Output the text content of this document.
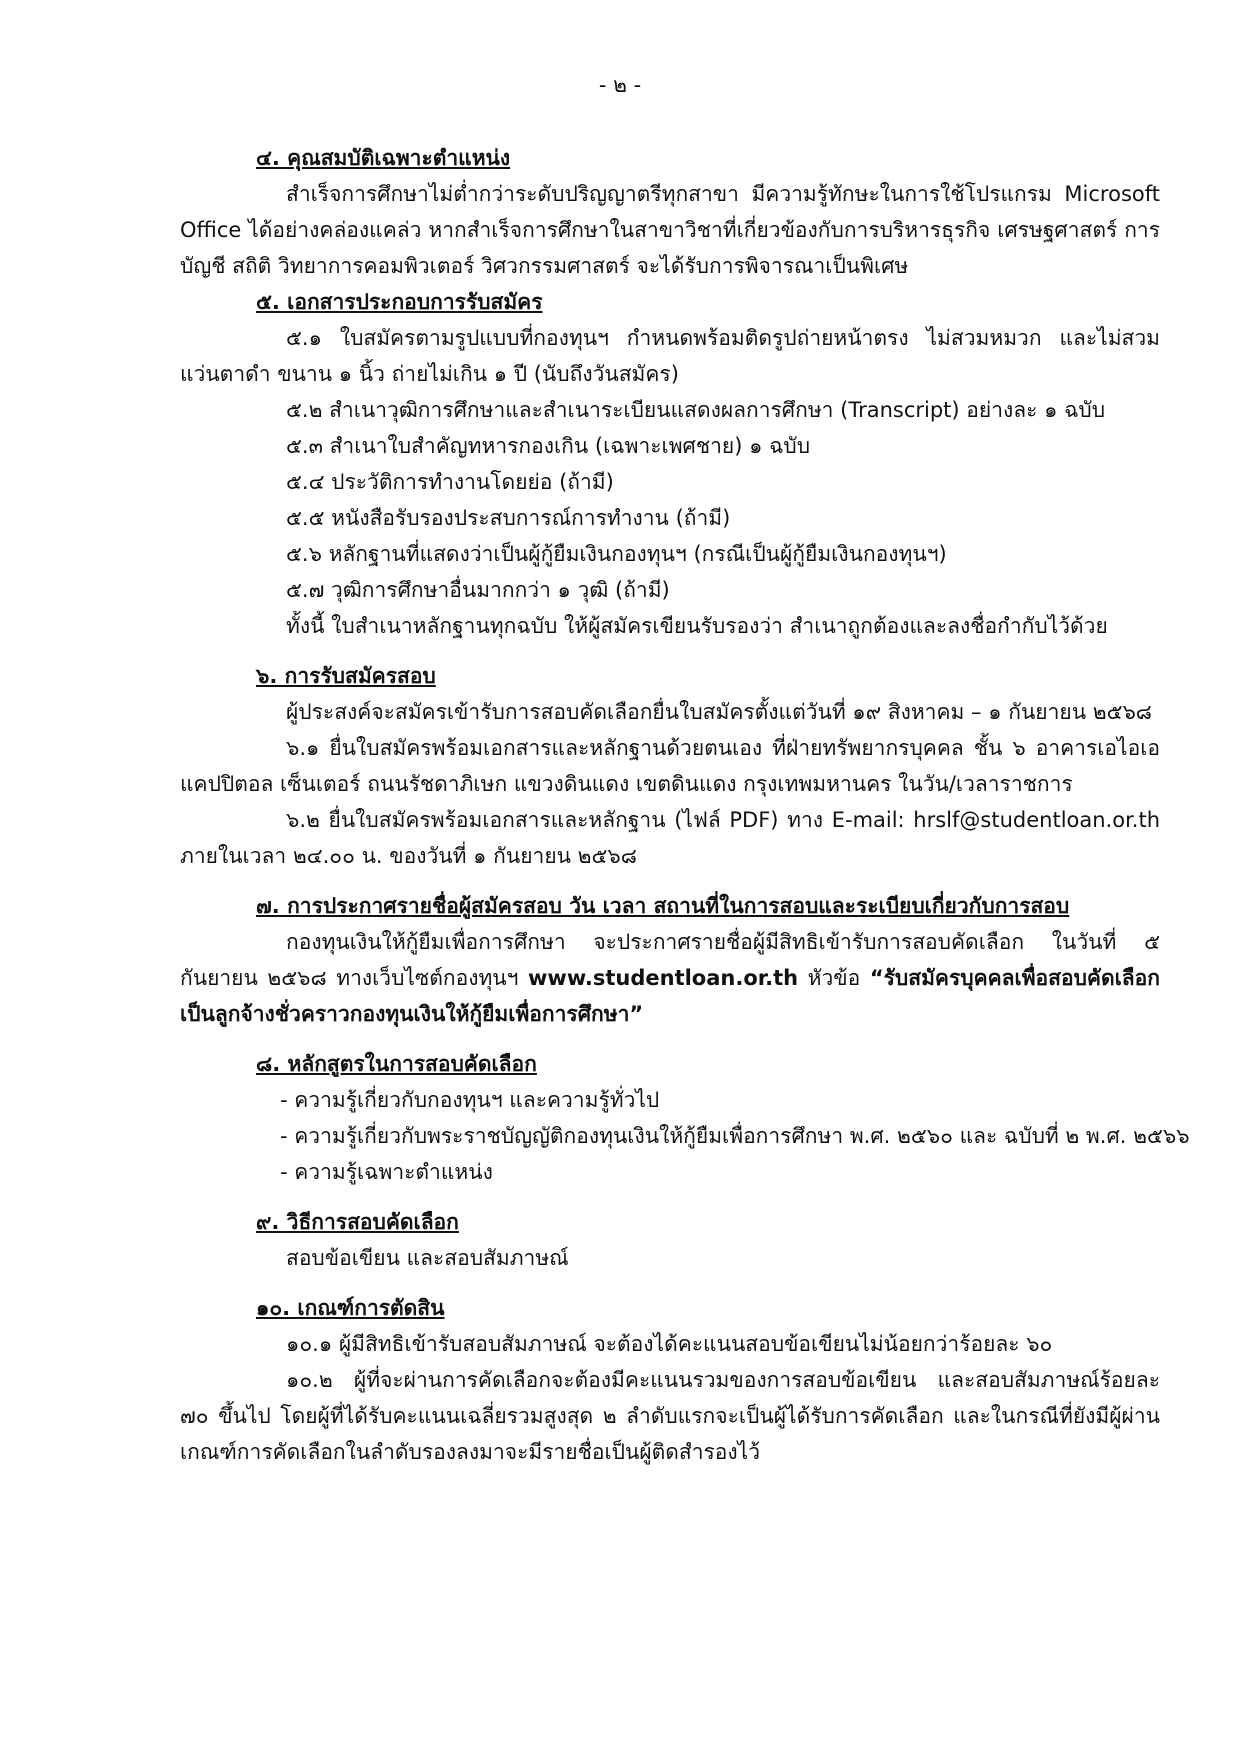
- ๒ -
๔. คุณสมบัติเฉพาะตำแหน่ง

สำเร็จการศึกษาไม่ต่ำกว่าระดับปริญญาตรีทุกสาขา มีความรู้ทักษะในการใช้โปรแกรม Microsoft Office ได้อย่างคล่องแคล่ว หากสำเร็จการศึกษาในสาขาวิชาที่เกี่ยวข้องกับการบริหารธุรกิจ เศรษฐศาสตร์ การบัญชี สถิติ วิทยาการคอมพิวเตอร์ วิศวกรรมศาสตร์ จะได้รับการพิจารณาเป็นพิเศษ

๕. เอกสารประกอบการรับสมัคร

๕.๑ ใบสมัครตามรูปแบบที่กองทุนฯ กำหนดพร้อมติดรูปถ่ายหน้าตรง ไม่สวมหมวก และไม่สวมแว่นตาดำ ขนาน ๑ นิ้ว ถ่ายไม่เกิน ๑ ปี (นับถึงวันสมัคร)

๕.๒ สำเนาวุฒิการศึกษาและสำเนาระเบียนแสดงผลการศึกษา (Transcript) อย่างละ ๑ ฉบับ
๕.๓ สำเนาใบสำคัญทหารกองเกิน (เฉพาะเพศชาย) ๑ ฉบับ
๕.๔ ประวัติการทำงานโดยย่อ (ถ้ามี)
๕.๕ หนังสือรับรองประสบการณ์การทำงาน (ถ้ามี)
๕.๖ หลักฐานที่แสดงว่าเป็นผู้กู้ยืมเงินกองทุนฯ (กรณีเป็นผู้กู้ยืมเงินกองทุนฯ)
๕.๗ วุฒิการศึกษาอื่นมากกว่า ๑ วุฒิ (ถ้ามี)
ทั้งนี้ ใบสำเนาหลักฐานทุกฉบับ ให้ผู้สมัครเขียนรับรองว่า สำเนาถูกต้องและลงชื่อกำกับไว้ด้วย
๖. การรับสมัครสอบ
ผู้ประสงค์จะสมัครเข้ารับการสอบคัดเลือกยื่นใบสมัครตั้งแต่วันที่ ๑๙ สิงหาคม – ๑ กันยายน ๒๕๖๘

๖.๑ ยื่นใบสมัครพร้อมเอกสารและหลักฐานด้วยตนเอง ที่ฝ่ายทรัพยากรบุคคล ชั้น ๖ อาคารเอไอเอ แคปปิตอล เซ็นเตอร์ ถนนรัชดาภิเษก แขวงดินแดง เขตดินแดง กรุงเทพมหานคร ในวัน/เวลาราชการ

๖.๒ ยื่นใบสมัครพร้อมเอกสารและหลักฐาน (ไฟล์ PDF) ทาง E-mail: hrslf@studentloan.or.th ภายในเวลา ๒๔.๐๐ น. ของวันที่ ๑ กันยายน ๒๕๖๘

๗. การประกาศรายชื่อผู้สมัครสอบ วัน เวลา สถานที่ในการสอบและระเบียบเกี่ยวกับการสอบ

กองทุนเงินให้กู้ยืมเพื่อการศึกษา จะประกาศรายชื่อผู้มีสิทธิเข้ารับการสอบคัดเลือก ในวันที่ ๕ กันยายน ๒๕๖๘ ทางเว็บไซต์กองทุนฯ www.studentloan.or.th หัวข้อ “รับสมัครบุคคลเพื่อสอบคัดเลือกเป็นลูกจ้างชั่วคราวกองทุนเงินให้กู้ยืมเพื่อการศึกษา”

๘. หลักสูตรในการสอบคัดเลือก
- ความรู้เกี่ยวกับกองทุนฯ และความรู้ทั่วไป
- ความรู้เกี่ยวกับพระราชบัญญัติกองทุนเงินให้กู้ยืมเพื่อการศึกษา พ.ศ. ๒๕๖๐ และ ฉบับที่ ๒ พ.ศ. ๒๕๖๖
- ความรู้เฉพาะตำแหน่ง
๙. วิธีการสอบคัดเลือก
สอบข้อเขียน และสอบสัมภาษณ์
๑๐. เกณฑ์การตัดสิน
๑๐.๑ ผู้มีสิทธิเข้ารับสอบสัมภาษณ์ จะต้องได้คะแนนสอบข้อเขียนไม่น้อยกว่าร้อยละ ๖๐

๑๐.๒ ผู้ที่จะผ่านการคัดเลือกจะต้องมีคะแนนรวมของการสอบข้อเขียน และสอบสัมภาษณ์ร้อยละ ๗๐ ขึ้นไป โดยผู้ที่ได้รับคะแนนเฉลี่ยรวมสูงสุด ๒ ลำดับแรกจะเป็นผู้ได้รับการคัดเลือก และในกรณีที่ยังมีผู้ผ่านเกณฑ์การคัดเลือกในลำดับรองลงมาจะมีรายชื่อเป็นผู้ติดสำรองไว้
